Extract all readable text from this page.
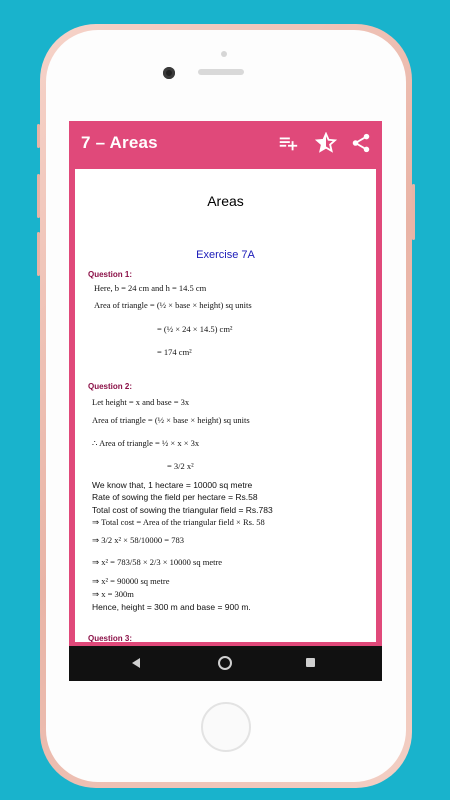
7 – Areas
Areas
Exercise 7A
Question 1:
Here, b = 24 cm and h = 14.5 cm
Area of triangle = (½ × base × height) sq units
= (½ × 24 × 14.5) cm²
= 174 cm²
Question 2:
Let height = x and base = 3x
Area of triangle = (½ × base × height) sq units
∴ Area of triangle = ½ × x × 3x
= 3/2 x²
We know that, 1 hectare = 10000 sq metre
Rate of sowing the field per hectare = Rs.58
Total cost of sowing the triangular field = Rs.783
⇒ Total cost = Area of the triangular field × Rs. 58
⇒ 3/2 x² × 58/10000 = 783
⇒ x² = 783/58 × 2/3 × 10000 sq metre
⇒ x² = 90000 sq metre
⇒ x = 300m
Hence, height = 300 m and base = 900 m.
Question 3:
